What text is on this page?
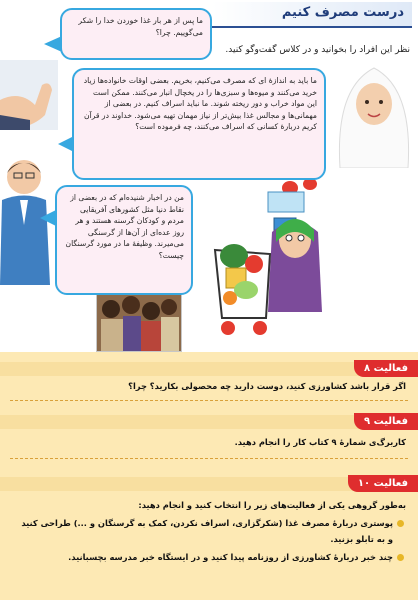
درست مصرف کنیم
نظر این افراد را بخوانید و در کلاس گفت‌وگو کنید.
ما پس از هر بار غذا خوردن خدا را شکر می‌گوییم. چرا؟
ما باید به اندازهٔ ای که مصرف می‌کنیم، بخریم. بعضی اوقات خانواده‌ها زیاد خرید می‌کنند و میوه‌ها و سبزی‌ها را در یخچال انبار می‌کنند. ممکن است این مواد خراب و دور ریخته شوند. ما نباید اسراف کنیم. در بعضی از مهمانی‌ها و مجالس غذا بیش‌تر از نیاز مهمان تهیه می‌شود. خداوند در قرآن کریم دربارهٔ کسانی که اسراف می‌کنند، چه فرموده است؟
من در اخبار شنیده‌ام که در بعضی از نقاط دنیا مثل کشورهای آفریقایی مردم و کودکان گرسنه هستند و هر روز عده‌ای از آن‌ها از گرسنگی می‌میرند. وظیفهٔ ما در مورد گرسنگان چیست؟
فعالیت ۸
اگر قرار باشد کشاورزی کنید، دوست دارید چه محصولی بکارید؟ چرا؟
فعالیت ۹
کاربرگ‌ی شمارهٔ ۹ کتاب کار را انجام دهید.
فعالیت ۱۰
به‌طور گروهی یکی از فعالیت‌های زیر را انتخاب کنید و انجام دهید:
پوستری دربارهٔ مصرف غذا (شکرگزاری، اسراف نکردن، کمک به گرسنگان و ...) طراحی کنید
و به تابلو بزنید.
چند خبر دربارهٔ کشاورزی از روزنامه پیدا کنید و در ایستگاه خبر مدرسه بچسبانید.
